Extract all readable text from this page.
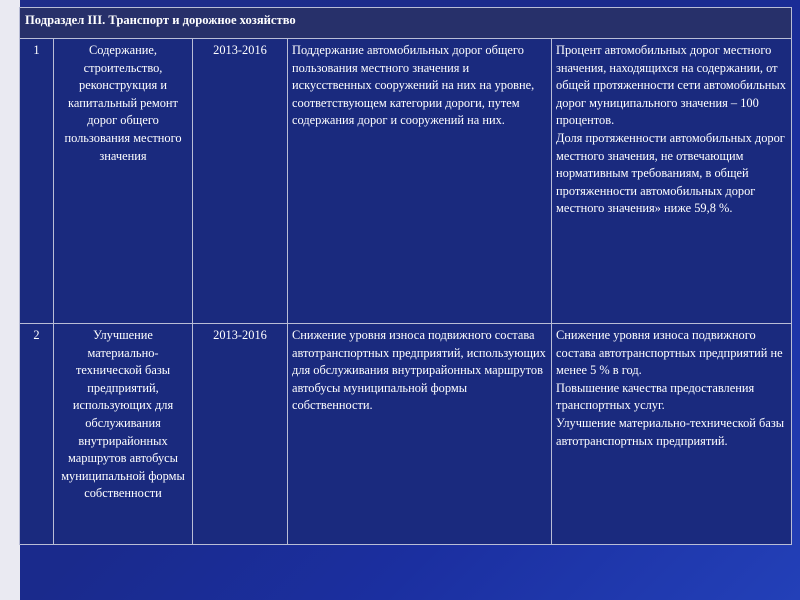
Подраздел III. Транспорт и дорожное хозяйство				
1	Содержание, строительство, реконструкция и капитальный ремонт дорог общего пользования местного значения	2013-2016	Поддержание автомобильных дорог общего пользования местного значения и искусственных сооружений на них на уровне, соответствующем категории дороги, путем содержания дорог и сооружений на них.	Процент автомобильных дорог местного значения, находящихся на содержании, от общей протяженности сети автомобильных дорог муниципального значения – 100 процентов.
Доля протяженности автомобильных дорог местного значения, не отвечающим нормативным требованиям, в общей протяженности автомобильных дорог местного значения» ниже 59,8 %.

2	Улучшение материально-технической базы предприятий, использующих для обслуживания внутрирайонных маршрутов автобусы муниципальной формы собственности	2013-2016	Снижение уровня износа подвижного состава автотранспортных предприятий, использующих для обслуживания внутрирайонных маршрутов автобусы муниципальной формы собственности.	Снижение уровня износа подвижного состава автотранспортных предприятий не менее 5 % в год.
Повышение качества предоставления транспортных услуг.
Улучшение материально-технической базы автотранспортных предприятий.
